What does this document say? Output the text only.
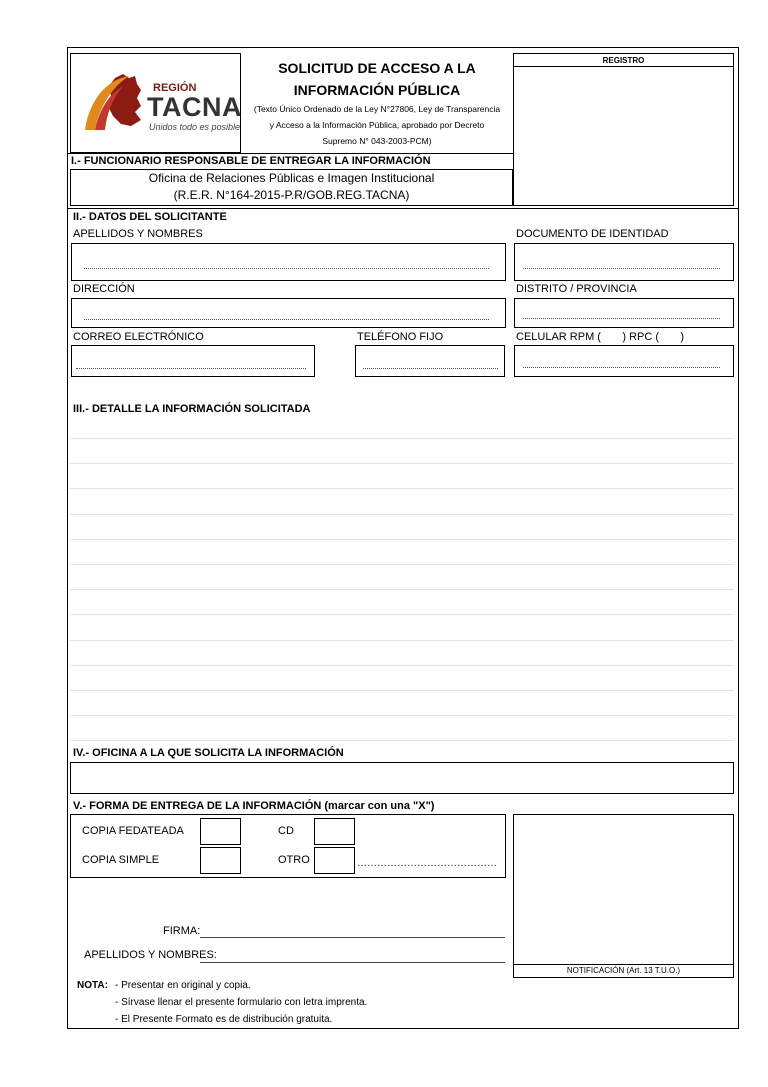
REGIÓN
TACNA
Unidos todo es posible
SOLICITUD DE ACCESO A LA
INFORMACIÓN PÚBLICA
(Texto Único Ordenado de la Ley N°27806, Ley de Transparencia
y Acceso a la Información Pública, aprobado por Decreto
Supremo N° 043-2003-PCM)
REGISTRO
I.- FUNCIONARIO RESPONSABLE DE ENTREGAR LA INFORMACIÓN
Oficina de Relaciones Públicas e Imagen Institucional
(R.E.R. N°164-2015-P.R/GOB.REG.TACNA)
II.- DATOS DEL SOLICITANTE
APELLIDOS Y NOMBRES	DOCUMENTO DE IDENTIDAD
DIRECCIÓN	DISTRITO / PROVINCIA
CORREO ELECTRÓNICO	TELÉFONO FIJO	CELULAR RPM (       ) RPC (       )
III.- DETALLE LA INFORMACIÓN SOLICITADA
IV.- OFICINA A LA QUE SOLICITA LA INFORMACIÓN
V.- FORMA DE ENTREGA DE LA INFORMACIÓN (marcar con una "X")
COPIA FEDATEADA	CD
COPIA SIMPLE	OTRO	……………………………………
FIRMA:
APELLIDOS Y NOMBRES:
NOTIFICACIÓN (Art. 13 T.U.O.)
NOTA: - Presentar en original y copia.
- Sírvase llenar el presente formulario con letra imprenta.
- El Presente Formato es de distribución gratuita.
